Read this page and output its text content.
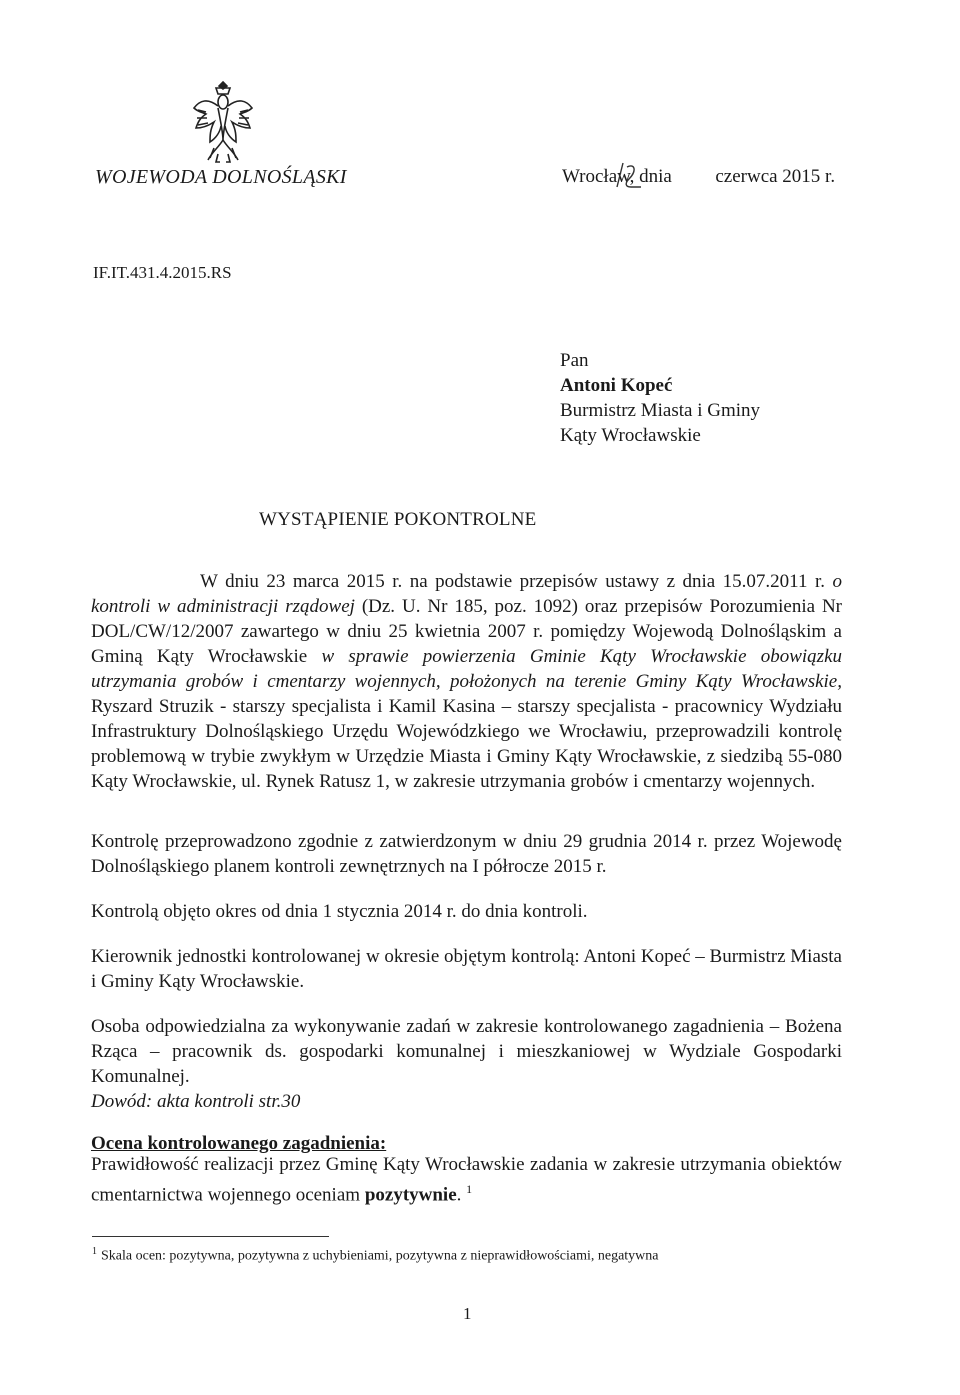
WOJEWODA DOLNOŚLĄSKI	Wrocław, dnia czerwca 2015 r.
IF.IT.431.4.2015.RS
Pan
Antoni Kopeć
Burmistrz Miasta i Gminy
Kąty Wrocławskie
WYSTĄPIENIE POKONTROLNE
W dniu 23 marca 2015 r. na podstawie przepisów ustawy z dnia 15.07.2011 r. o kontroli w administracji rządowej (Dz. U. Nr 185, poz. 1092) oraz przepisów Porozumienia Nr DOL/CW/12/2007 zawartego w dniu 25 kwietnia 2007 r. pomiędzy Wojewodą Dolnośląskim a Gminą Kąty Wrocławskie w sprawie powierzenia Gminie Kąty Wrocławskie obowiązku utrzymania grobów i cmentarzy wojennych, położonych na terenie Gminy Kąty Wrocławskie, Ryszard Struzik - starszy specjalista i Kamil Kasina – starszy specjalista - pracownicy Wydziału Infrastruktury Dolnośląskiego Urzędu Wojewódzkiego we Wrocławiu, przeprowadzili kontrolę problemową w trybie zwykłym w Urzędzie Miasta i Gminy Kąty Wrocławskie, z siedzibą 55-080 Kąty Wrocławskie, ul. Rynek Ratusz 1, w zakresie utrzymania grobów i cmentarzy wojennych.
Kontrolę przeprowadzono zgodnie z zatwierdzonym w dniu 29 grudnia 2014 r. przez Wojewodę Dolnośląskiego planem kontroli zewnętrznych na I półrocze 2015 r.
Kontrolą objęto okres od dnia 1 stycznia 2014 r. do dnia kontroli.
Kierownik jednostki kontrolowanej w okresie objętym kontrolą: Antoni Kopeć – Burmistrz Miasta i Gminy Kąty Wrocławskie.
Osoba odpowiedzialna za wykonywanie zadań w zakresie kontrolowanego zagadnienia – Bożena Rząca – pracownik ds. gospodarki komunalnej i mieszkaniowej w Wydziale Gospodarki Komunalnej.
Dowód: akta kontroli str.30
Ocena kontrolowanego zagadnienia:
Prawidłowość realizacji przez Gminę Kąty Wrocławskie zadania w zakresie utrzymania obiektów cmentarnictwa wojennego oceniam pozytywnie. $^1$
$^1$ Skala ocen: pozytywna, pozytywna z uchybieniami, pozytywna z nieprawidłowościami, negatywna
1
